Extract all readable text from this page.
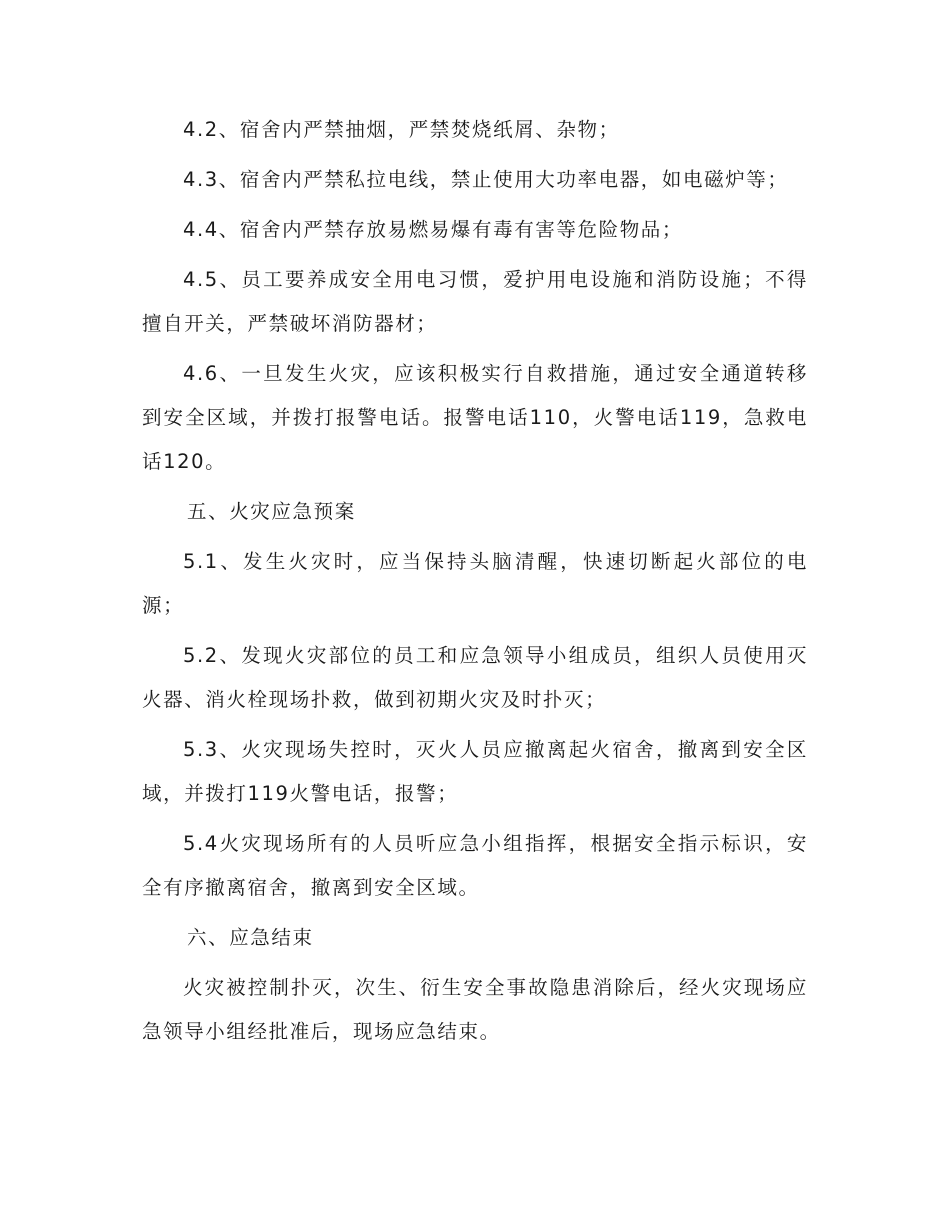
4.2、宿舍内严禁抽烟，严禁焚烧纸屑、杂物；

4.3、宿舍内严禁私拉电线，禁止使用大功率电器，如电磁炉等；

4.4、宿舍内严禁存放易燃易爆有毒有害等危险物品；

4.5、员工要养成安全用电习惯，爱护用电设施和消防设施；不得擅自开关，严禁破坏消防器材；

4.6、一旦发生火灾，应该积极实行自救措施，通过安全通道转移到安全区域，并拨打报警电话。报警电话110，火警电话119，急救电话120。

五、火灾应急预案

5.1、发生火灾时，应当保持头脑清醒，快速切断起火部位的电源；

5.2、发现火灾部位的员工和应急领导小组成员，组织人员使用灭火器、消火栓现场扑救，做到初期火灾及时扑灭；

5.3、火灾现场失控时，灭火人员应撤离起火宿舍，撤离到安全区域，并拨打119火警电话，报警；

5.4火灾现场所有的人员听应急小组指挥，根据安全指示标识，安全有序撤离宿舍，撤离到安全区域。

六、应急结束

火灾被控制扑灭，次生、衍生安全事故隐患消除后，经火灾现场应急领导小组经批准后，现场应急结束。
